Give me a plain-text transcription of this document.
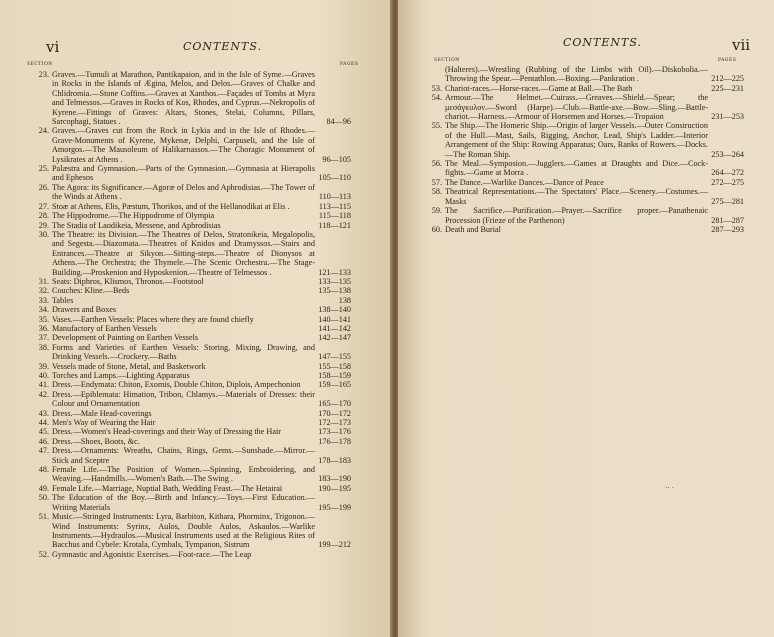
vi	CONTENTS.
SECTION	PAGES
23. Graves.—Tumuli at Marathon, Pantikapaion, and in the Isle of Syme.—Graves in Rocks in the Islands of Ægina, Melos, and Delos.—Graves of Chalke and Chlidromia.—Stone Coffins.—Graves at Xanthos.—Façades of Tombs at Myra and Telmessos.—Graves in Rocks of Kos, Rhodes, and Cyprus.—Nekropolis of Kyrene.—Fittings of Graves: Altars, Stones, Stelai, Columns, Pillars, Sarcophagi, Statues .	84—96
24. Graves.—Graves cut from the Rock in Lykia and in the Isle of Rhodes.—Grave-Monuments of Kyrene, Mykenæ, Delphi, Carpuseli, and the Isle of Amorgos.—The Mausoleum of Halikarnassos.—The Choragic Monument of Lysikrates at Athens .	96—105
25. Palæstra and Gymnasion.—Parts of the Gymnasion.—Gymnasia at Hierapolis and Ephesos	105—110
26. The Agora: its Significance.—Agoræ of Delos and Aphrodisias.—The Tower of the Winds at Athens .	110—113
27. Stoæ at Athens, Elis, Pæstum, Thorikos, and of the Hellanodikai at Elis .	113—115
28. The Hippodrome.—The Hippodrome of Olympia	115—118
29. The Stadia of Laodikeia, Messene, and Aphrodisias	118—121
30. The Theatre: its Division.—The Theatres of Delos, Stratonikeia, Megalopolis, and Segesta.—Diazomata.—Theatres of Knidos and Dramyssos.—Stairs and Entrances.—Theatre at Sikyon.—Sitting-steps.—Theatre of Dionysos at Athens.—The Orchestra; the Thymele.—The Scenic Orchestra.—The Stage-Building.—Proskenion and Hyposkenion.—Theatre of Telmessos .	121—133
31. Seats: Diphros, Klismos, Thronos.—Footstool	133—135
32. Couches: Kline.—Beds	135—138
33. Tables	138
34. Drawers and Boxes	138—140
35. Vases.—Earthen Vessels: Places where they are found chiefly	140—141
36. Manufactory of Earthen Vessels	141—142
37. Development of Painting on Earthen Vessels	142—147
38. Forms and Varieties of Earthen Vessels: Storing, Mixing, Drawing, and Drinking Vessels.—Crockery.—Baths	147—155
39. Vessels made of Stone, Metal, and Basketwork	155—158
40. Torches and Lamps.—Lighting Apparatus	158—159
41. Dress.—Endymata: Chiton, Exomis, Double Chiton, Diplois, Ampechonion	159—165
42. Dress.—Epiblemata: Himation, Tribon, Chlamys.—Materials of Dresses: their Colour and Ornamentation	165—170
43. Dress.—Male Head-coverings	170—172
44. Men's Way of Wearing the Hair	172—173
45. Dress.—Women's Head-coverings and their Way of Dressing the Hair	173—176
46. Dress.—Shoes, Boots, &c.	176—178
47. Dress.—Ornaments: Wreaths, Chains, Rings, Gems.—Sunshade.—Mirror.—Stick and Sceptre	178—183
48. Female Life.—The Position of Women.—Spinning, Embroidering, and Weaving.—Handmills.—Women's Bath.—The Swing .	183—190
49. Female Life.—Marriage, Nuptial Bath, Wedding Feast.—The Hetairai	190—195
50. The Education of the Boy.—Birth and Infancy.—Toys.—First Education.—Writing Materials	195—199
51. Music.—Stringed Instruments: Lyra, Barbiton, Kithara, Phorminx, Trigonon.—Wind Instruments: Syrinx, Aulos, Double Aulos, Askaulos.—Warlike Instruments.—Hydraulos.—Musical Instruments used at the Religious Rites of Bacchus and Cybele: Krotala, Cymbals, Tympanon, Sistrum	199—212
52. Gymnastic and Agonistic Exercises.—Foot-race.—The Leap
CONTENTS.	vii
SECTION	PAGES
(Halteres).—Wrestling (Rubbing of the Limbs with Oil).—Diskobolia.—Throwing the Spear.—Pentathlon.—Boxing.—Pankration .	212—225
53. Chariot-races.—Horse-races.—Game at Ball.—The Bath	225—231
54. Armour.—The Helmet.—Cuirass.—Greaves.—Shield.—Spear; the μεσάγκυλον.—Sword (Harpe).—Club.—Battle-axe.—Bow.—Sling.—Battle-chariot.—Harness.—Armour of Horsemen and Horses.—Tropaion	231—253
55. The Ship.—The Homeric Ship.—Origin of larger Vessels.—Outer Construction of the Hull.—Mast, Sails, Rigging, Anchor, Lead, Ship's Ladder.—Interior Arrangement of the Ship: Rowing Apparatus; Oars, Ranks of Rowers.—Docks.—The Roman Ship.	253—264
56. The Meal.—Symposion.—Jugglers.—Games at Draughts and Dice.—Cock-fights.—Game at Morra .	264—272
57. The Dance.—Warlike Dances.—Dance of Peace	272—275
58. Theatrical Representations.—The Spectators' Place.—Scenery.—Costumes.—Masks	275—281
59. The Sacrifice.—Purification.—Prayer.—Sacrifice proper.—Panathenaic Procession (Frieze of the Parthenon)	281—287
60. Death and Burial	287—293
·· ·
